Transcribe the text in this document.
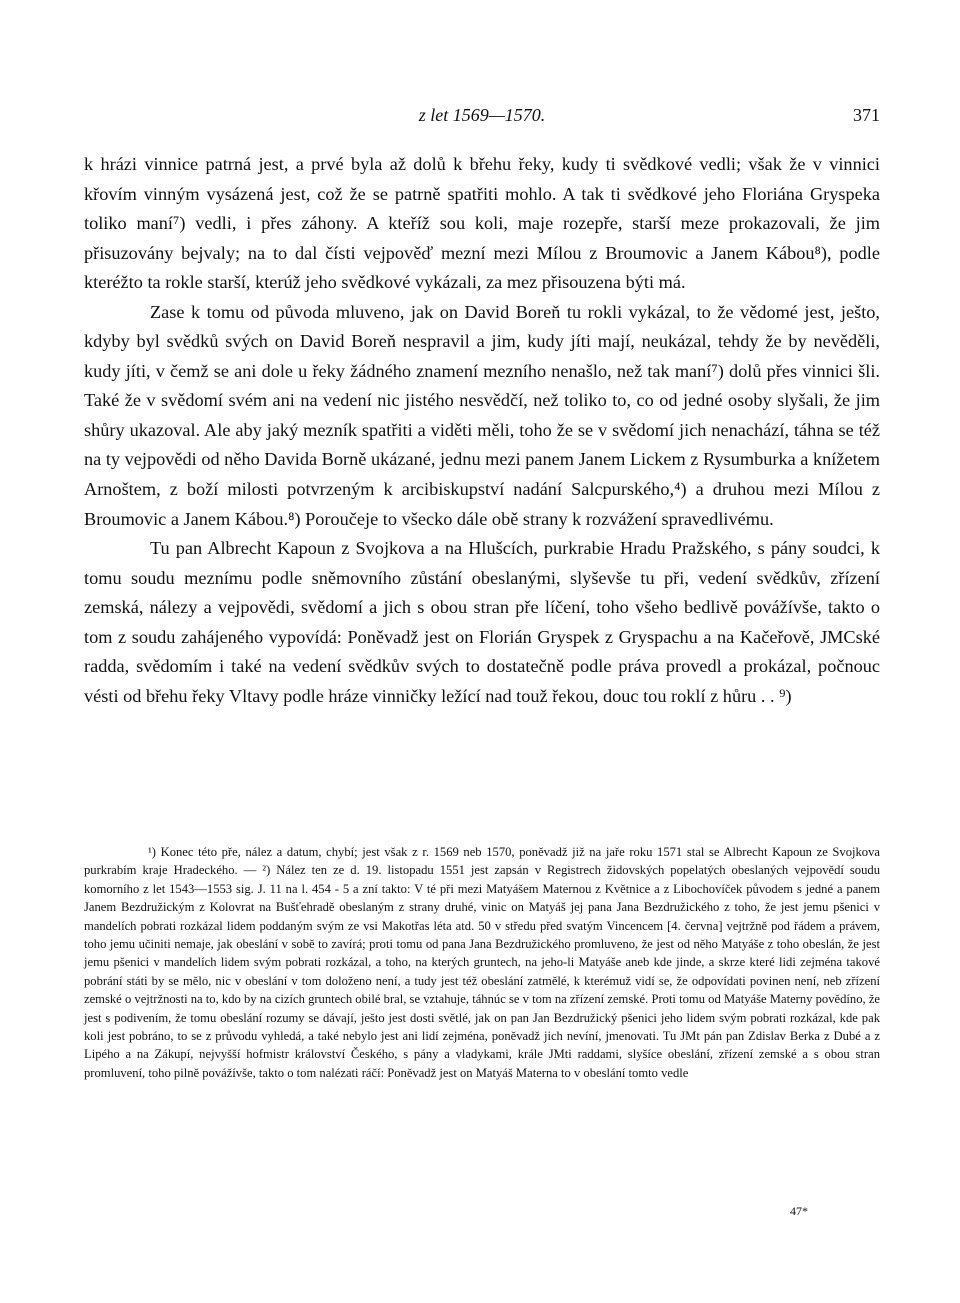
z let 1569—1570.	371

k hrázi vinnice patrná jest, a prvé byla až dolů k břehu řeky, kudy ti svědkové vedli; však že v vinnici křovím vinným vysázená jest, což že se patrně spatřiti mohlo. A tak ti svědkové jeho Floriána Gryspeka toliko maní⁷) vedli, i přes záhony. A kteříž sou koli, maje rozepře, starší meze prokazovali, že jim přisuzovány bejvaly; na to dal čísti vejpověď mezní mezi Mílou z Broumovic a Janem Kábou⁸), podle kteréžto ta rokle starší, kterúž jeho svědkové vykázali, za mez přisouzena býti má.

Zase k tomu od původa mluveno, jak on David Boreň tu rokli vykázal, to že vědomé jest, ješto, kdyby byl svědků svých on David Boreň nespravil a jim, kudy jíti mají, neukázal, tehdy že by nevěděli, kudy jíti, v čemž se ani dole u řeky žádného znamení mezního nenašlo, než tak maní⁷) dolů přes vinnici šli. Také že v svědomí svém ani na vedení nic jistého nesvědčí, než toliko to, co od jedné osoby slyšali, že jim shůry ukazoval. Ale aby jaký mezník spatřiti a viděti měli, toho že se v svědomí jich nenachází, táhna se též na ty vejpovědi od něho Davida Borně ukázané, jednu mezi panem Janem Lickem z Rysumburka a knížetem Arnoštem, z boží milosti potvrzeným k arcibiskupství nadání Salcpurského,⁴) a druhou mezi Mílou z Broumovic a Janem Kábou.⁸) Poroučeje to všecko dále obě strany k rozvážení spravedlivému.

Tu pan Albrecht Kapoun z Svojkova a na Hlušcích, purkrabie Hradu Pražského, s pány soudci, k tomu soudu meznímu podle sněmovního zůstání obeslanými, slyševše tu při, vedení svědkův, zřízení zemská, nálezy a vejpovědi, svědomí a jich s obou stran pře líčení, toho všeho bedlivě povážívše, takto o tom z soudu zahájeného vypovídá: Poněvadž jest on Florián Gryspek z Gryspachu a na Kačeřově, JMCské radda, svědomím i také na vedení svědkův svých to dostatečně podle práva provedl a prokázal, počnouc vésti od břehu řeky Vltavy podle hráze vinničky ležící nad touž řekou, douc tou roklí z hůru . . ⁹)

¹) Konec této pře, nález a datum, chybí; jest však z r. 1569 neb 1570, poněvadž již na jaře roku 1571 stal se Albrecht Kapoun ze Svojkova purkrabím kraje Hradeckého. — ²) Nález ten ze d. 19. listopadu 1551 jest zapsán v Registrech židovských popelatých obeslaných vejpovědí soudu komorního z let 1543—1553 sig. J. 11 na l. 454 - 5 a zní takto: V té při mezi Matyášem Maternou z Květnice a z Libochovíček původem s jedné a panem Janem Bezdružickým z Kolovrat na Bušťehradě obeslaným z strany druhé, vinic on Matyáš jej pana Jana Bezdružického z toho, že jest jemu pšenici v mandelích pobrati rozkázal lidem poddaným svým ze vsi Makotřas léta atd. 50 v středu před svatým Vincencem [4. června] vejtržně pod řádem a právem, toho jemu učiniti nemaje, jak obeslání v sobě to zavírá; proti tomu od pana Jana Bezdružického promluveno, že jest od něho Matyáše z toho obeslán, že jest jemu pšenici v mandelích lidem svým pobrati rozkázal, a toho, na kterých gruntech, na jeho-li Matyáše aneb kde jinde, a skrze které lidi zejména takové pobrání státi by se mělo, nic v obeslání v tom doloženo není, a tudy jest též obeslání zatmělé, k kterémuž vidí se, že odpovídati povinen není, neb zřízení zemské o vejtržnosti na to, kdo by na cizích gruntech obilé bral, se vztahuje, táhnúc se v tom na zřízení zemské. Proti tomu od Matyáše Materny povědíno, že jest s podivením, že tomu obeslání rozumy se dávají, ješto jest dosti světlé, jak on pan Jan Bezdružický pšenici jeho lidem svým pobrati rozkázal, kde pak koli jest pobráno, to se z průvodu vyhledá, a také nebylo jest ani lidí zejména, poněvadž jich nevíní, jmenovati. Tu JMt pán pan Zdislav Berka z Dubé a z Lipého a na Zákupí, nejvyšší hofmistr království Českého, s pány a vladykami, krále JMti raddami, slyšíce obeslání, zřízení zemské a s obou stran promluvení, toho pilně povážívše, takto o tom nalézati ráčí: Poněvadž jest on Matyáš Materna to v obeslání tomto vedle

47*
